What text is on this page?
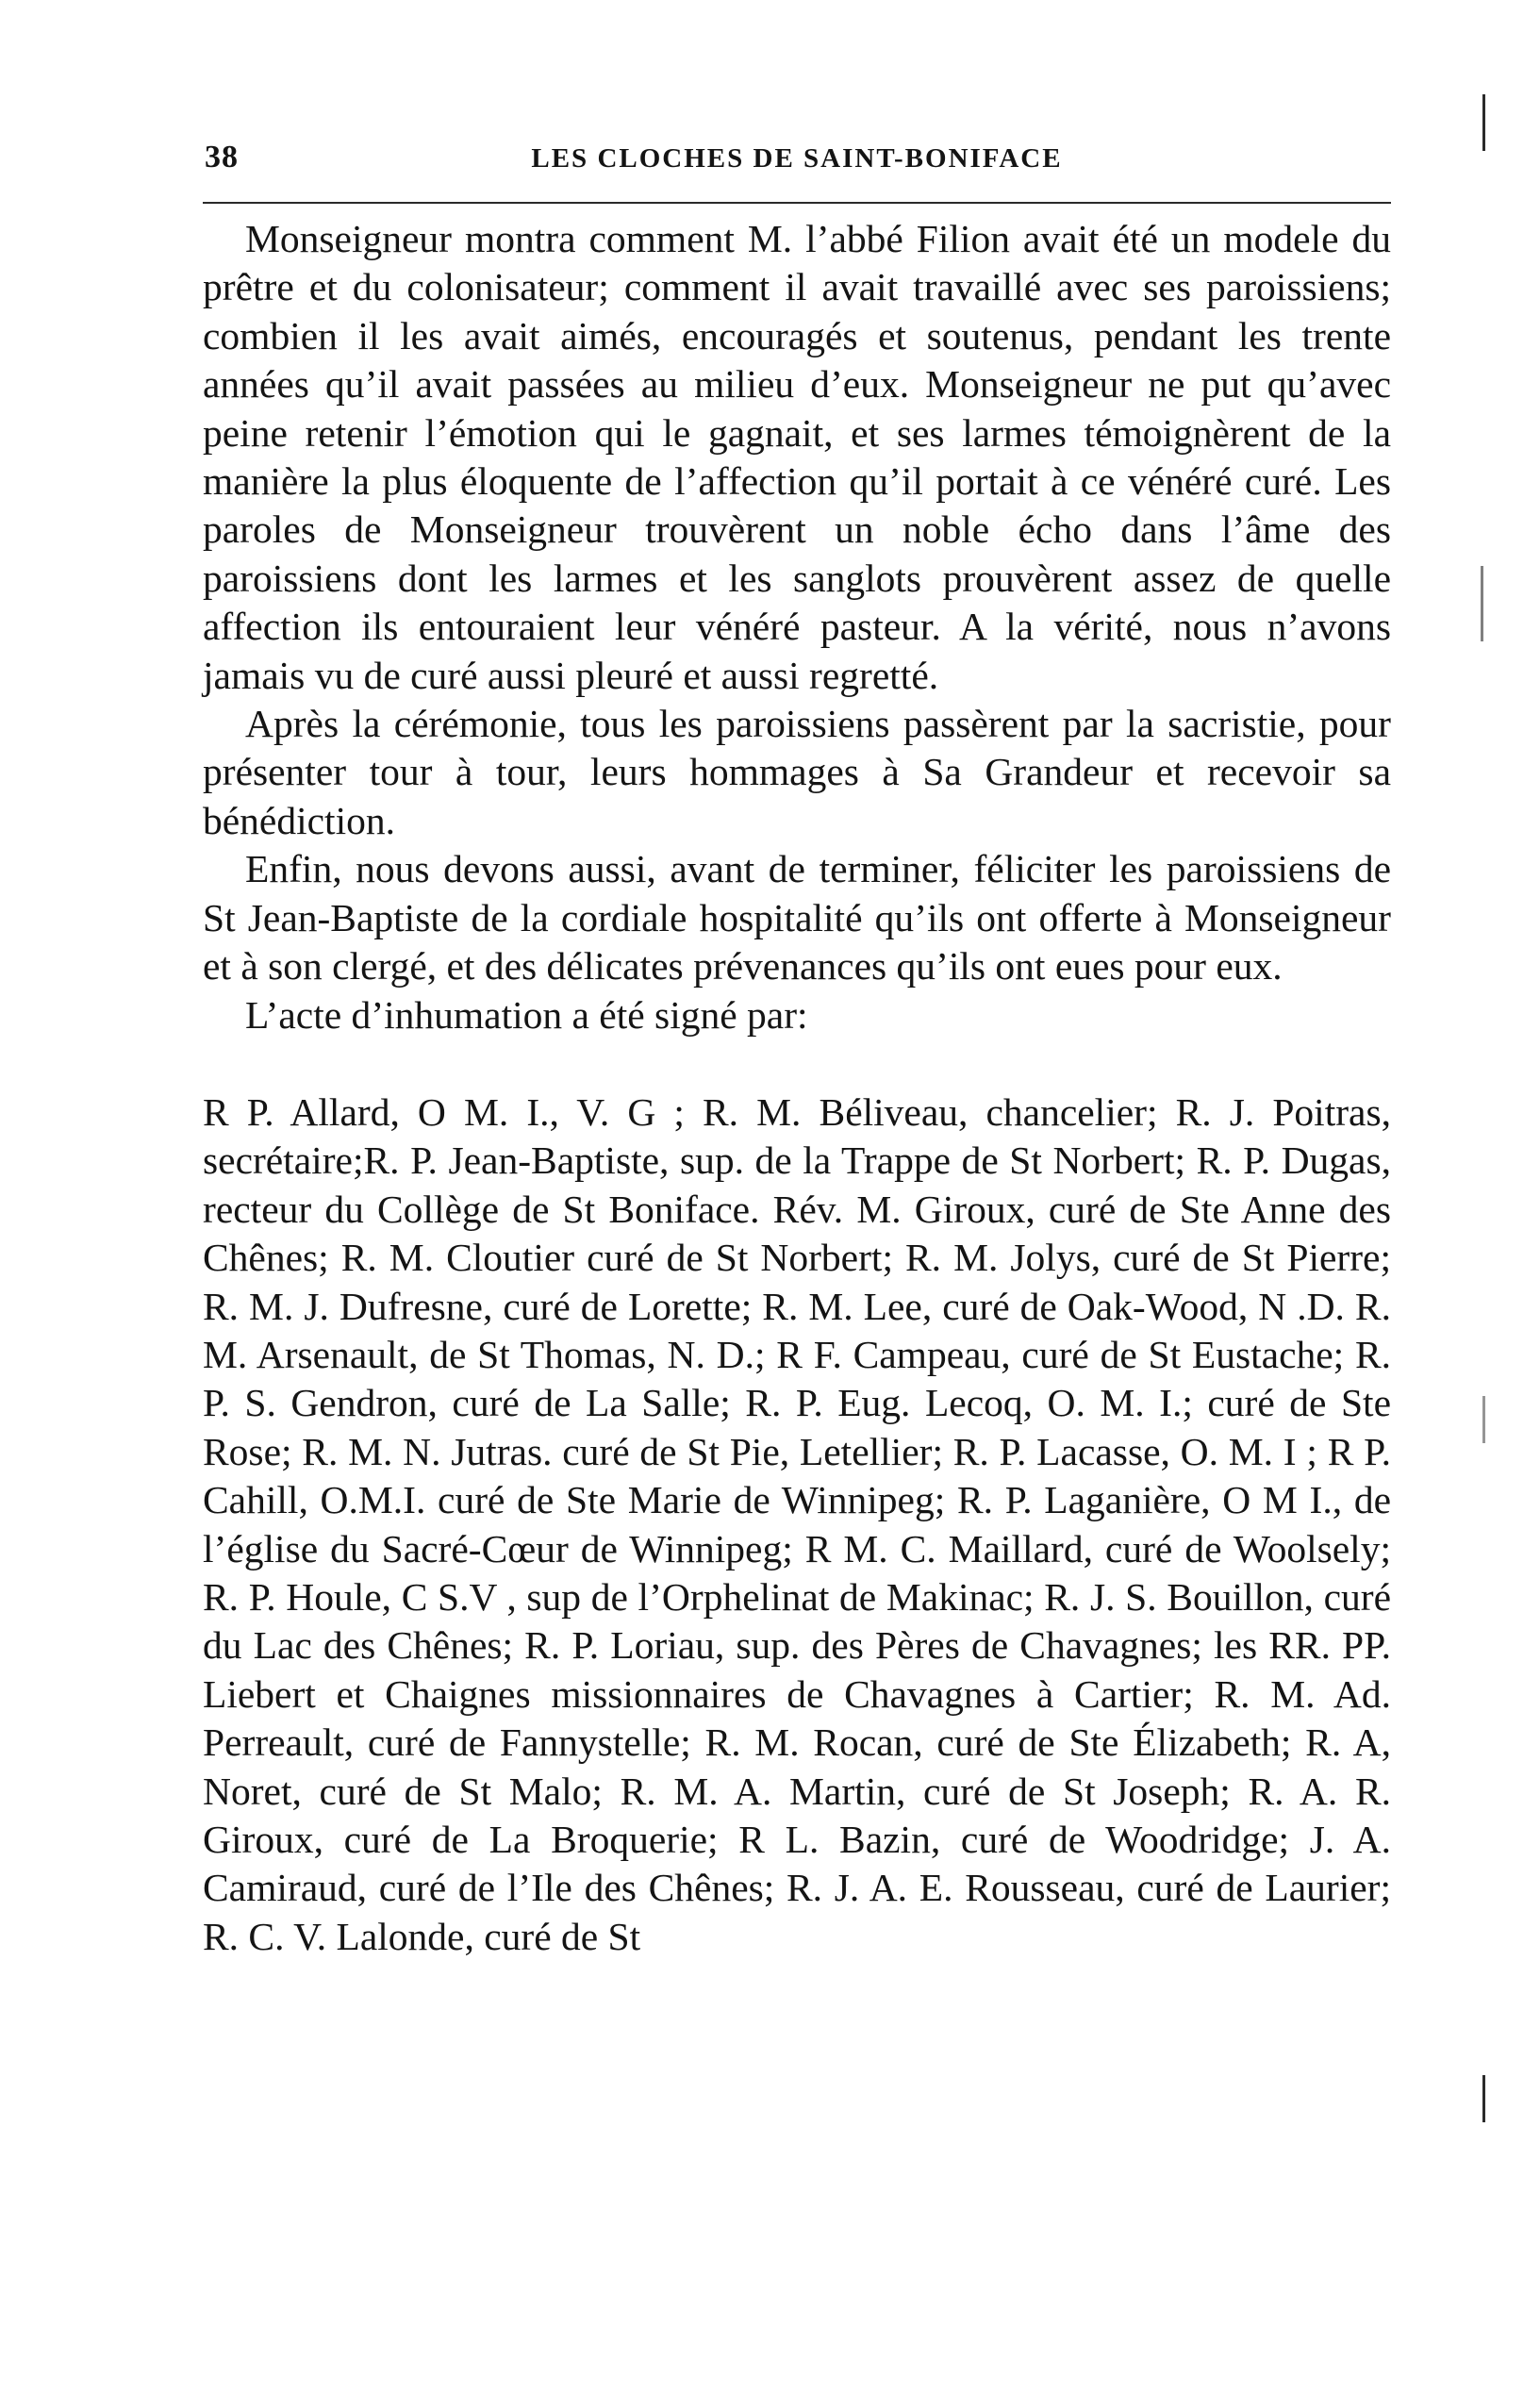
38	LES CLOCHES DE SAINT-BONIFACE

Monseigneur montra comment M. l’abbé Filion avait été un modele du prêtre et du colonisateur; comment il avait travaillé avec ses paroissiens; combien il les avait aimés, encouragés et soutenus, pendant les trente années qu’il avait passées au milieu d’eux. Monseigneur ne put qu’avec peine retenir l’émotion qui le gagnait, et ses larmes témoignèrent de la manière la plus éloquente de l’affection qu’il portait à ce vénéré curé. Les paroles de Monseigneur trouvèrent un noble écho dans l’âme des paroissiens dont les larmes et les sanglots prouvèrent assez de quelle affection ils entouraient leur vénéré pasteur. A la vérité, nous n’avons jamais vu de curé aussi pleuré et aussi regretté.

Après la cérémonie, tous les paroissiens passèrent par la sacristie, pour présenter tour à tour, leurs hommages à Sa Grandeur et recevoir sa bénédiction.

Enfin, nous devons aussi, avant de terminer, féliciter les paroissiens de St Jean-Baptiste de la cordiale hospitalité qu’ils ont offerte à Monseigneur et à son clergé, et des délicates prévenances qu’ils ont eues pour eux.

L’acte d’inhumation a été signé par:

R P. Allard, O M. I., V. G ; R. M. Béliveau, chancelier; R. J. Poitras, secrétaire;R. P. Jean-Baptiste, sup. de la Trappe de St Norbert; R. P. Dugas, recteur du Collège de St Boniface. Rév. M. Giroux, curé de Ste Anne des Chênes; R. M. Cloutier curé de St Norbert; R. M. Jolys, curé de St Pierre; R. M. J. Dufresne, curé de Lorette; R. M. Lee, curé de Oak-Wood, N .D. R. M. Arsenault, de St Thomas, N. D.; R F. Campeau, curé de St Eustache; R. P. S. Gendron, curé de La Salle; R. P. Eug. Lecoq, O. M. I.; curé de Ste Rose; R. M. N. Jutras. curé de St Pie, Letellier; R. P. Lacasse, O. M. I ; R P. Cahill, O.M.I. curé de Ste Marie de Winnipeg; R. P. Laganière, O M I., de l’église du Sacré-Cœur de Winnipeg; R M. C. Maillard, curé de Woolsely; R. P. Houle, C S.V , sup de l’Orphelinat de Makinac; R. J. S. Bouillon, curé du Lac des Chênes; R. P. Loriau, sup. des Pères de Chavagnes; les RR. PP. Liebert et Chaignes missionnaires de Chavagnes à Cartier; R. M. Ad. Perreault, curé de Fannystelle; R. M. Rocan, curé de Ste Élizabeth; R. A, Noret, curé de St Malo; R. M. A. Martin, curé de St Joseph; R. A. R. Giroux, curé de La Broquerie; R L. Bazin, curé de Woodridge; J. A. Camiraud, curé de l’Ile des Chênes; R. J. A. E. Rousseau, curé de Laurier; R. C. V. Lalonde, curé de St
